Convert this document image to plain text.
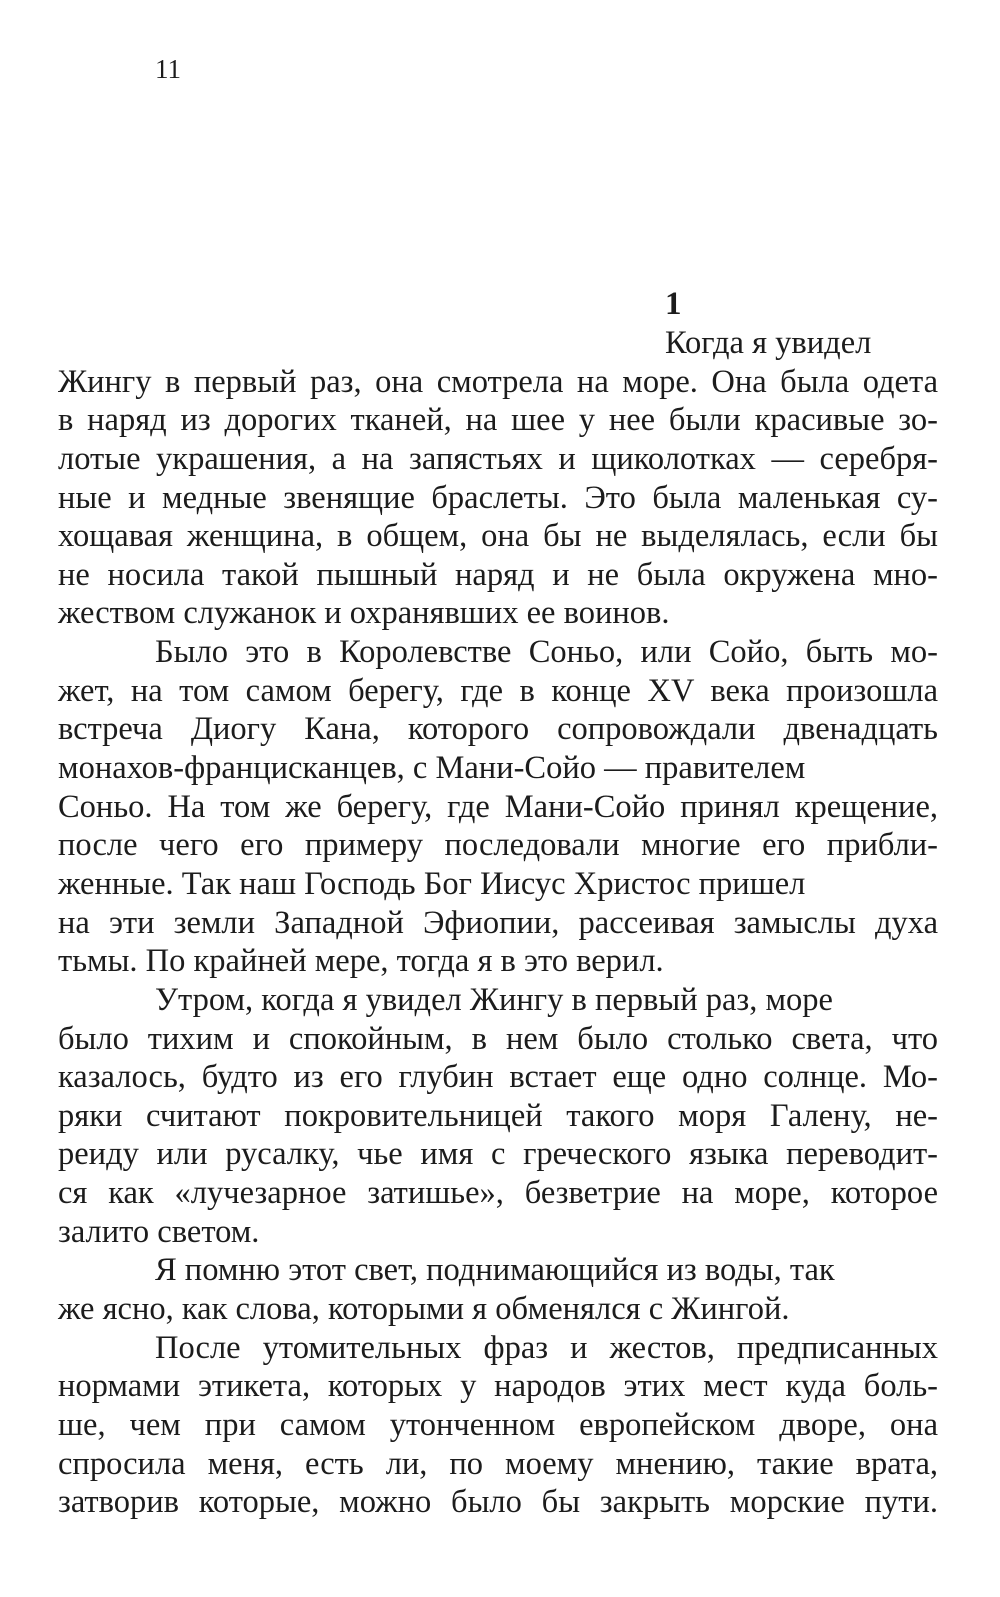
11

1

Когда я увидел
Жингу в первый раз, она смотрела на море. Она была одета
в наряд из дорогих тканей, на шее у нее были красивые зо-
лотые украшения, а на запястьях и щиколотках — серебря-
ные и медные звенящие браслеты. Это была маленькая су-
хощавая женщина, в общем, она бы не выделялась, если бы
не носила такой пышный наряд и не была окружена мно-
жеством служанок и охранявших ее воинов.
Было это в Королевстве Соньо, или Сойо, быть мо-
жет, на том самом берегу, где в конце XV века произошла
встреча Диогу Кана, которого сопровождали двенадцать
монахов-францисканцев, с Мани-Сойо — правителем
Соньо. На том же берегу, где Мани-Сойо принял крещение,
после чего его примеру последовали многие его прибли-
женные. Так наш Господь Бог Иисус Христос пришел
на эти земли Западной Эфиопии, рассеивая замыслы духа
тьмы. По крайней мере, тогда я в это верил.
Утром, когда я увидел Жингу в первый раз, море
было тихим и спокойным, в нем было столько света, что
казалось, будто из его глубин встает еще одно солнце. Мо-
ряки считают покровительницей такого моря Галену, не-
реиду или русалку, чье имя с греческого языка переводит-
ся как «лучезарное затишье», безветрие на море, которое
залито светом.
Я помню этот свет, поднимающийся из воды, так
же ясно, как слова, которыми я обменялся с Жингой.
После утомительных фраз и жестов, предписанных
нормами этикета, которых у народов этих мест куда боль-
ше, чем при самом утонченном европейском дворе, она
спросила меня, есть ли, по моему мнению, такие врата,
затворив которые, можно было бы закрыть морские пути.
